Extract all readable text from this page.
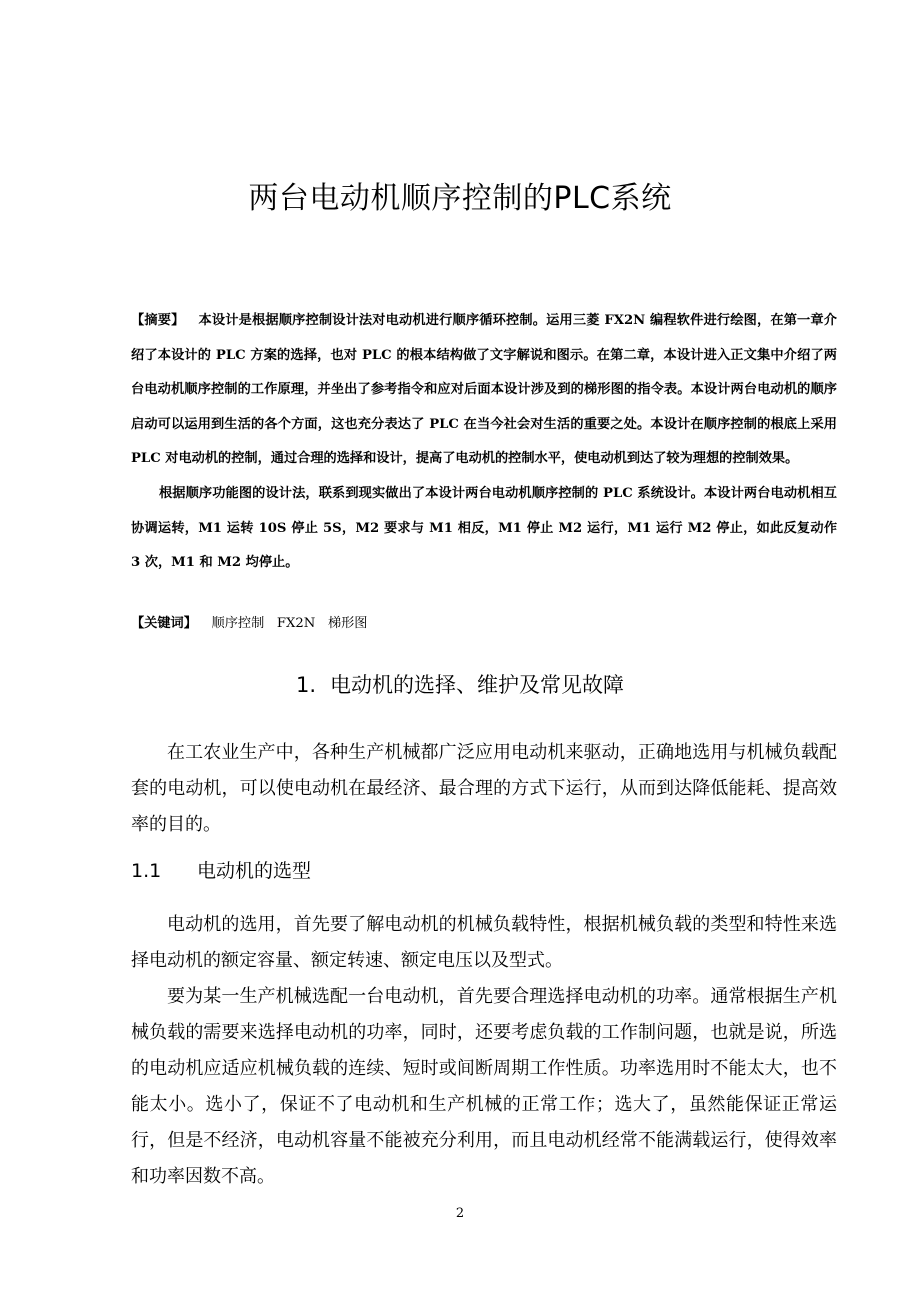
两台电动机顺序控制的PLC系统

【摘要】 本设计是根据顺序控制设计法对电动机进行顺序循环控制。运用三菱 FX2N 编程软件进行绘图，在第一章介绍了本设计的 PLC 方案的选择，也对 PLC 的根本结构做了文字解说和图示。在第二章，本设计进入正文集中介绍了两台电动机顺序控制的工作原理，并坐出了参考指令和应对后面本设计涉及到的梯形图的指令表。本设计两台电动机的顺序启动可以运用到生活的各个方面，这也充分表达了 PLC 在当今社会对生活的重要之处。本设计在顺序控制的根底上采用 PLC 对电动机的控制，通过合理的选择和设计，提高了电动机的控制水平，使电动机到达了较为理想的控制效果。

根据顺序功能图的设计法，联系到现实做出了本设计两台电动机顺序控制的 PLC 系统设计。本设计两台电动机相互协调运转，M1 运转 10S 停止 5S，M2 要求与 M1 相反，M1 停止 M2 运行，M1 运行 M2 停止，如此反复动作 3 次，M1 和 M2 均停止。

【关键词】 顺序控制 FX2N 梯形图
1. 电动机的选择、维护及常见故障

在工农业生产中，各种生产机械都广泛应用电动机来驱动，正确地选用与机械负载配套的电动机，可以使电动机在最经济、最合理的方式下运行，从而到达降低能耗、提高效率的目的。

1.1 电动机的选型

电动机的选用，首先要了解电动机的机械负载特性，根据机械负载的类型和特性来选择电动机的额定容量、额定转速、额定电压以及型式。

要为某一生产机械选配一台电动机，首先要合理选择电动机的功率。通常根据生产机械负载的需要来选择电动机的功率，同时，还要考虑负载的工作制问题，也就是说，所选的电动机应适应机械负载的连续、短时或间断周期工作性质。功率选用时不能太大，也不能太小。选小了，保证不了电动机和生产机械的正常工作；选大了，虽然能保证正常运行，但是不经济，电动机容量不能被充分利用，而且电动机经常不能满载运行，使得效率和功率因数不高。

2
